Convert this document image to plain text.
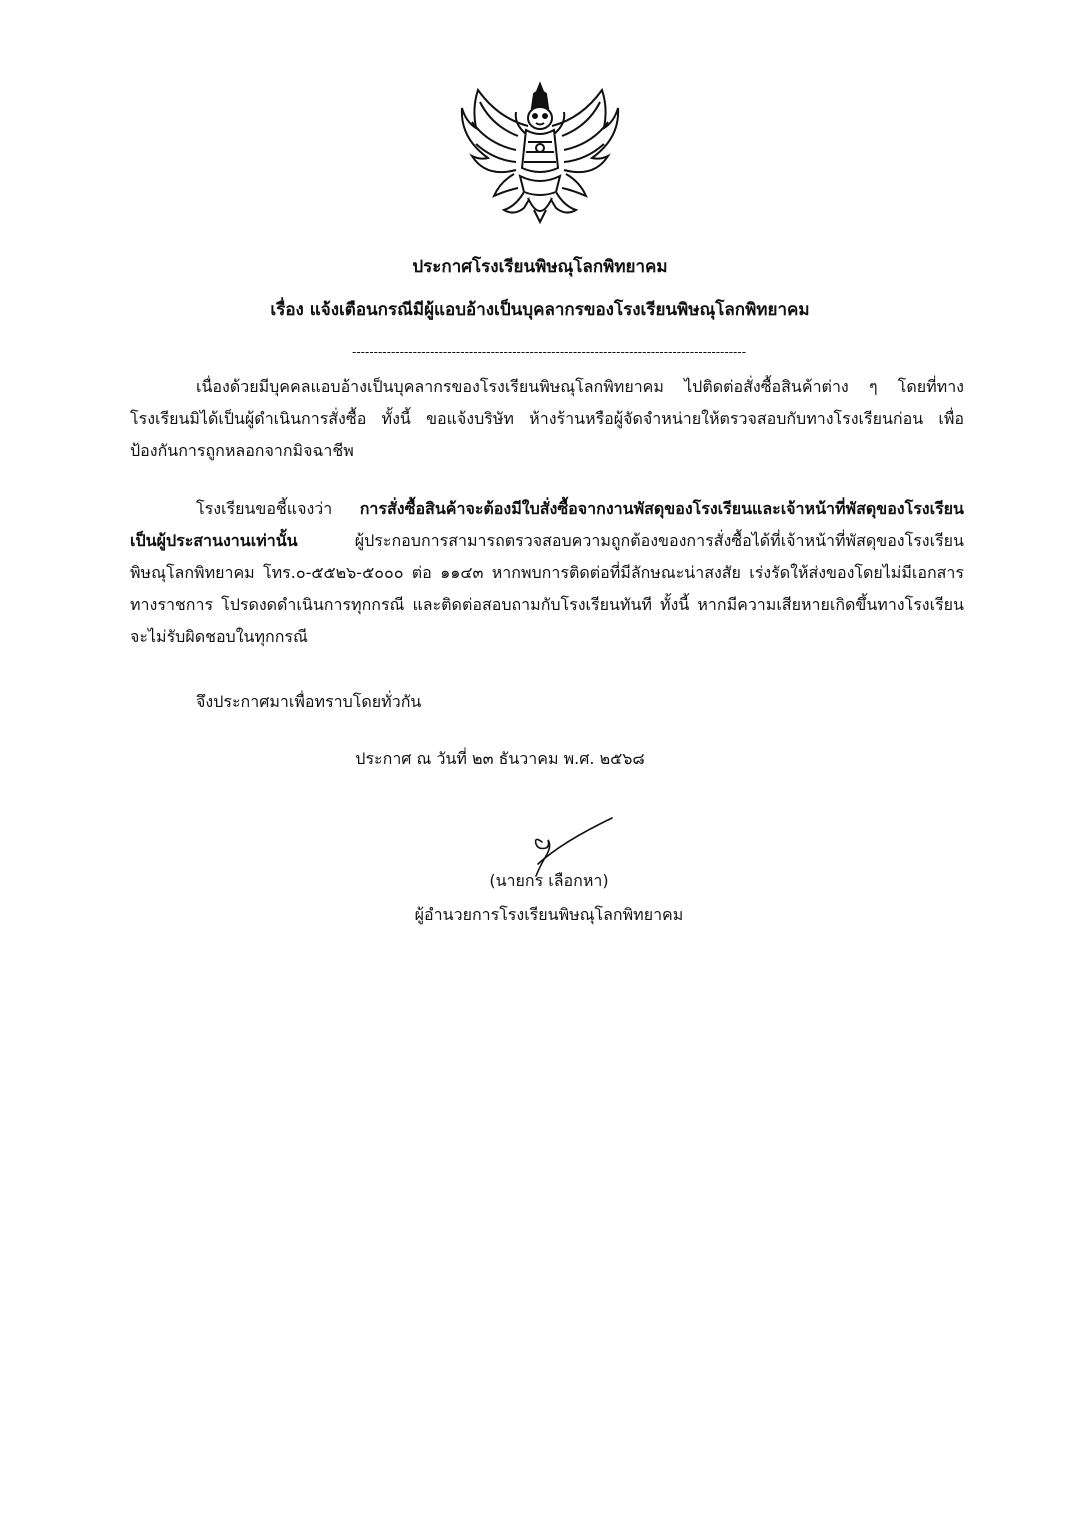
ประกาศโรงเรียนพิษณุโลกพิทยาคม
เรื่อง แจ้งเตือนกรณีมีผู้แอบอ้างเป็นบุคลากรของโรงเรียนพิษณุโลกพิทยาคม
-------------------------------------------------------------------------------------------
เนื่องด้วยมีบุคคลแอบอ้างเป็นบุคลากรของโรงเรียนพิษณุโลกพิทยาคม ไปติดต่อสั่งซื้อสินค้าต่าง ๆ โดยที่ทางโรงเรียนมิได้เป็นผู้ดำเนินการสั่งซื้อ ทั้งนี้ ขอแจ้งบริษัท ห้างร้านหรือผู้จัดจำหน่ายให้ตรวจสอบกับทางโรงเรียนก่อน เพื่อป้องกันการถูกหลอกจากมิจฉาชีพ
โรงเรียนขอชี้แจงว่า การสั่งซื้อสินค้าจะต้องมีใบสั่งซื้อจากงานพัสดุของโรงเรียนและเจ้าหน้าที่พัสดุของโรงเรียนเป็นผู้ประสานงานเท่านั้น ผู้ประกอบการสามารถตรวจสอบความถูกต้องของการสั่งซื้อได้ที่เจ้าหน้าที่พัสดุของโรงเรียนพิษณุโลกพิทยาคม โทร.๐-๕๕๒๖-๕๐๐๐ ต่อ ๑๑๔๓ หากพบการติดต่อที่มีลักษณะน่าสงสัย เร่งรัดให้ส่งของโดยไม่มีเอกสารทางราชการ โปรดงดดำเนินการทุกกรณี และติดต่อสอบถามกับโรงเรียนทันที ทั้งนี้ หากมีความเสียหายเกิดขึ้นทางโรงเรียนจะไม่รับผิดชอบในทุกกรณี
จึงประกาศมาเพื่อทราบโดยทั่วกัน
ประกาศ ณ วันที่ ๒๓ ธันวาคม พ.ศ. ๒๕๖๘
(นายกร เลือกหา)
ผู้อำนวยการโรงเรียนพิษณุโลกพิทยาคม
